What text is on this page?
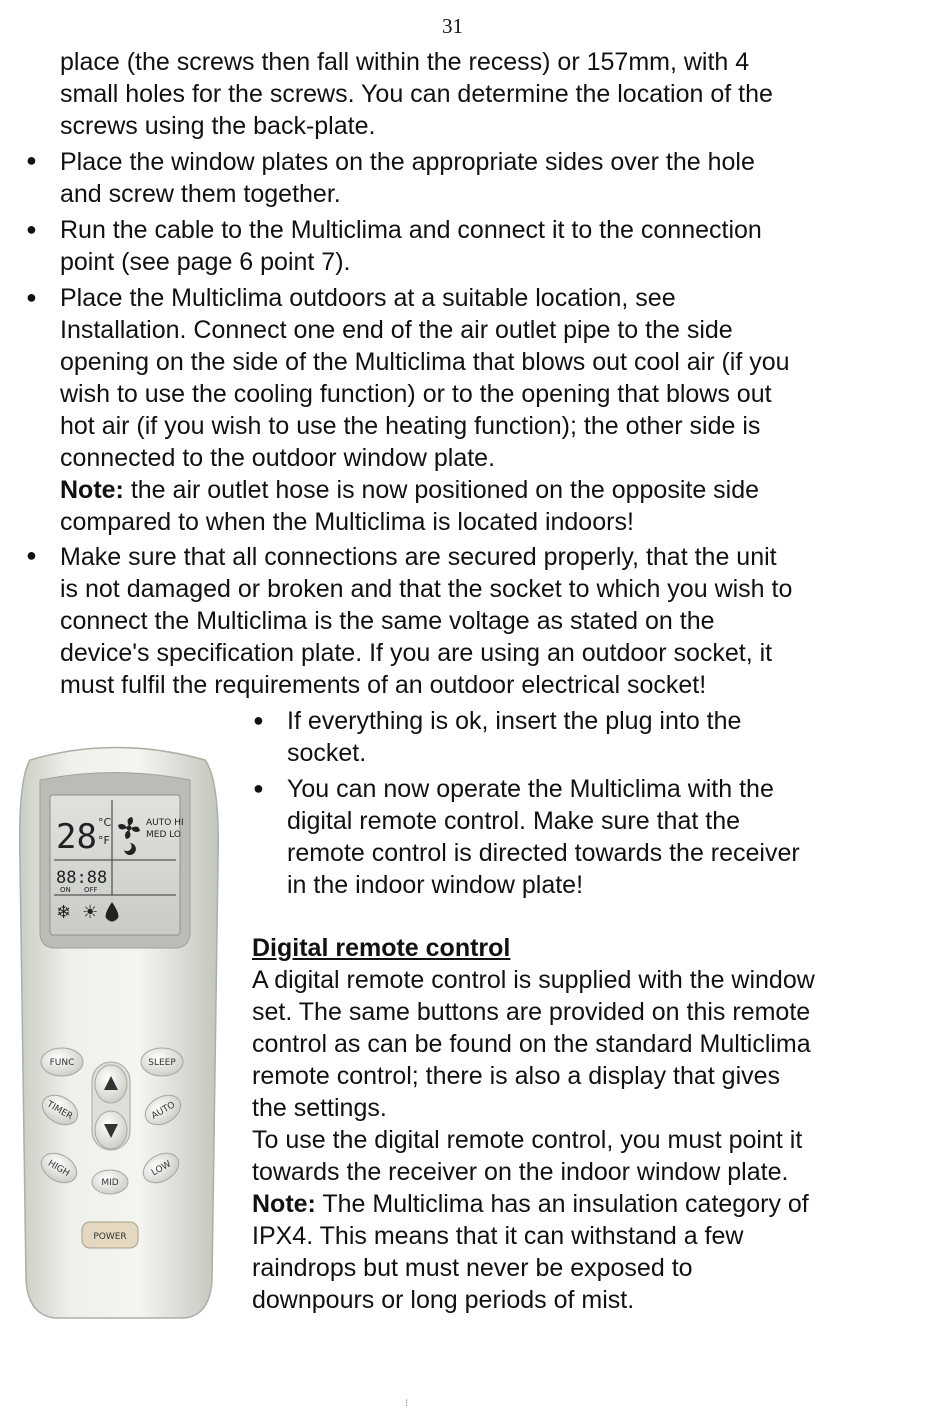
31
place (the screws then fall within the recess) or 157mm, with 4
small holes for the screws. You can determine the location of the
screws using the back-plate.
● Place the window plates on the appropriate sides over the hole
and screw them together.
● Run the cable to the Multiclima and connect it to the connection
point (see page 6 point 7).
● Place the Multiclima outdoors at a suitable location, see
Installation. Connect one end of the air outlet pipe to the side
opening on the side of the Multiclima that blows out cool air (if you
wish to use the cooling function) or to the opening that blows out
hot air (if you wish to use the heating function); the other side is
connected to the outdoor window plate.
Note: the air outlet hose is now positioned on the opposite side
compared to when the Multiclima is located indoors!
● Make sure that all connections are secured properly, that the unit
is not damaged or broken and that the socket to which you wish to
connect the Multiclima is the same voltage as stated on the
device's specification plate. If you are using an outdoor socket, it
must fulfil the requirements of an outdoor electrical socket!
● If everything is ok, insert the plug into the
socket.
● You can now operate the Multiclima with the
digital remote control. Make sure that the
remote control is directed towards the receiver
in the indoor window plate!
Digital remote control
A digital remote control is supplied with the window
set. The same buttons are provided on this remote
control as can be found on the standard Multiclima
remote control; there is also a display that gives
the settings.
To use the digital remote control, you must point it
towards the receiver on the indoor window plate.
Note: The Multiclima has an insulation category of
IPX4. This means that it can withstand a few
raindrops but must never be exposed to
downpours or long periods of mist.
28 °C
°F
AUTO HI
MED LO
88:88
ON OFF
❄ ☀
FUNC	SLEEP
TIMER	AUTO
HIGH
MID
LOW
POWER
⁝
